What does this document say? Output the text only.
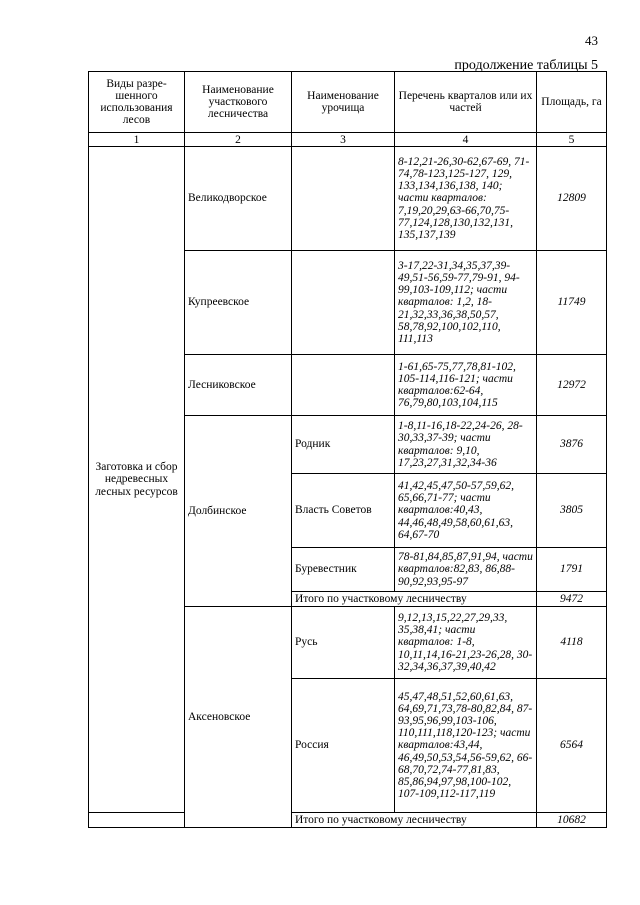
43
продолжение таблицы 5
Виды разре-шенного использования лесов	Наименование участкового лесничества	Наименование урочища	Перечень кварталов или их частей	Площадь, га
1	2	3	4	5
Заготовка и сбор недревесных лесных ресурсов	Великодворское		8-12,21-26,30-62,67-69, 71-74,78-123,125-127, 129, 133,134,136,138, 140; части кварталов: 7,19,20,29,63-66,70,75-77,124,128,130,132,131, 135,137,139	12809
	Купреевское		3-17,22-31,34,35,37,39-49,51-56,59-77,79-91, 94-99,103-109,112; части кварталов: 1,2, 18-21,32,33,36,38,50,57, 58,78,92,100,102,110, 111,113	11749
	Лесниковское		1-61,65-75,77,78,81-102, 105-114,116-121; части кварталов:62-64, 76,79,80,103,104,115	12972
	Долбинское	Родник	1-8,11-16,18-22,24-26, 28-30,33,37-39; части кварталов: 9,10, 17,23,27,31,32,34-36	3876
		Власть Советов	41,42,45,47,50-57,59,62, 65,66,71-77; части кварталов:40,43, 44,46,48,49,58,60,61,63, 64,67-70	3805
		Буревестник	78-81,84,85,87,91,94, части кварталов:82,83, 86,88-90,92,93,95-97	1791
		Итого по участковому лесничеству		9472
	Аксеновское	Русь	9,12,13,15,22,27,29,33, 35,38,41; части кварталов: 1-8, 10,11,14,16-21,23-26,28, 30-32,34,36,37,39,40,42	4118
		Россия	45,47,48,51,52,60,61,63, 64,69,71,73,78-80,82,84, 87-93,95,96,99,103-106, 110,111,118,120-123; части кварталов:43,44, 46,49,50,53,54,56-59,62, 66-68,70,72,74-77,81,83, 85,86,94,97,98,100-102, 107-109,112-117,119	6564
		Итого по участковому лесничеству		10682
